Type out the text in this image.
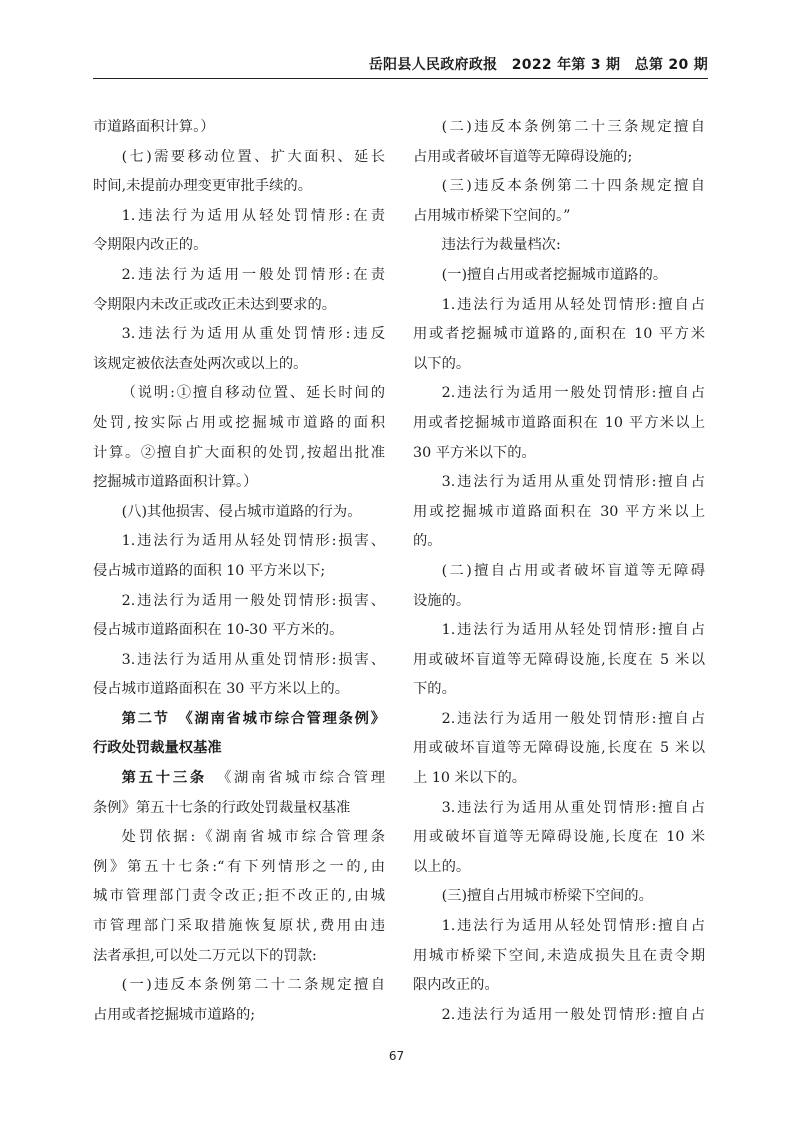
岳阳县人民政府政报　2022 年第 3 期　总第 20 期
市道路面积计算。）
(七)需要移动位置、扩大面积、延长
时间,未提前办理变更审批手续的。
1.违法行为适用从轻处罚情形:在责
令期限内改正的。
2.违法行为适用一般处罚情形:在责
令期限内未改正或改正未达到要求的。
3.违法行为适用从重处罚情形:违反
该规定被依法查处两次或以上的。
（说明:①擅自移动位置、延长时间的
处罚,按实际占用或挖掘城市道路的面积
计算。②擅自扩大面积的处罚,按超出批准
挖掘城市道路面积计算。）
(八)其他损害、侵占城市道路的行为。
1.违法行为适用从轻处罚情形:损害、
侵占城市道路的面积 10 平方米以下;
2.违法行为适用一般处罚情形:损害、
侵占城市道路面积在 10-30 平方米的。
3.违法行为适用从重处罚情形:损害、
侵占城市道路面积在 30 平方米以上的。
第二节　《湖南省城市综合管理条例》
行政处罚裁量权基准
第五十三条　《湖南省城市综合管理
条例》第五十七条的行政处罚裁量权基准
处罚依据:《湖南省城市综合管理条
例》第五十七条:“有下列情形之一的,由
城市管理部门责令改正;拒不改正的,由城
市管理部门采取措施恢复原状,费用由违
法者承担,可以处二万元以下的罚款:
(一)违反本条例第二十二条规定擅自
占用或者挖掘城市道路的;
(二)违反本条例第二十三条规定擅自
占用或者破坏盲道等无障碍设施的;
(三)违反本条例第二十四条规定擅自
占用城市桥梁下空间的。”
违法行为裁量档次:
(一)擅自占用或者挖掘城市道路的。
1.违法行为适用从轻处罚情形:擅自占
用或者挖掘城市道路的,面积在 10 平方米
以下的。
2.违法行为适用一般处罚情形:擅自占
用或者挖掘城市道路面积在 10 平方米以上
30 平方米以下的。
3.违法行为适用从重处罚情形:擅自占
用或挖掘城市道路面积在 30 平方米以上
的。
(二)擅自占用或者破坏盲道等无障碍
设施的。
1.违法行为适用从轻处罚情形:擅自占
用或破坏盲道等无障碍设施,长度在 5 米以
下的。
2.违法行为适用一般处罚情形:擅自占
用或破坏盲道等无障碍设施,长度在 5 米以
上 10 米以下的。
3.违法行为适用从重处罚情形:擅自占
用或破坏盲道等无障碍设施,长度在 10 米
以上的。
(三)擅自占用城市桥梁下空间的。
1.违法行为适用从轻处罚情形:擅自占
用城市桥梁下空间,未造成损失且在责令期
限内改正的。
2.违法行为适用一般处罚情形:擅自占
67
